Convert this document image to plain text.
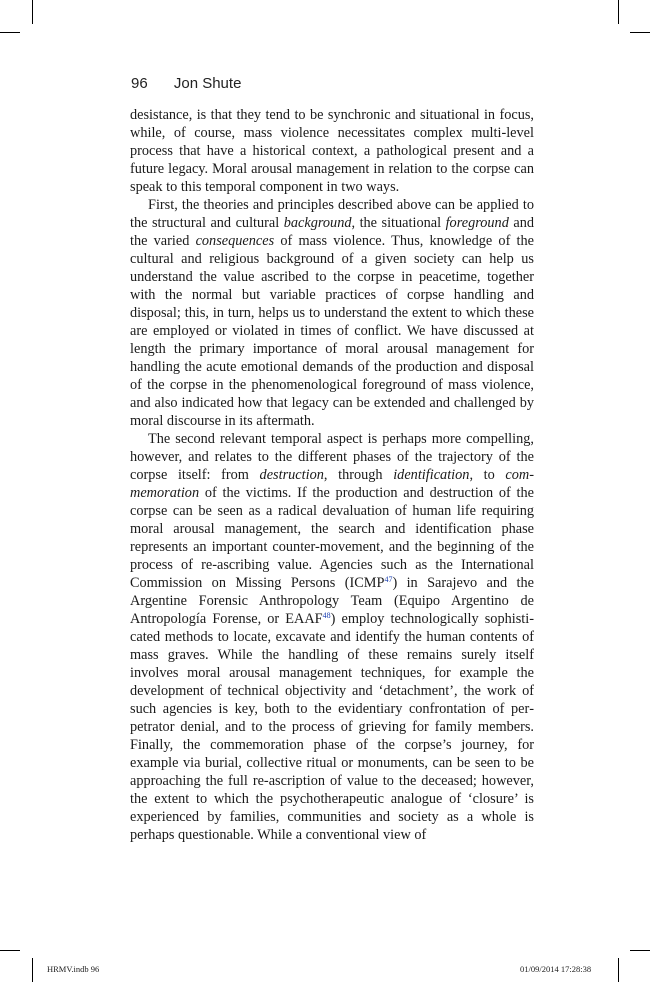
96 Jon Shute

desistance, is that they tend to be synchronic and situational in focus, while, of course, mass violence necessitates complex multi-level process that have a historical context, a pathological present and a future legacy. Moral arousal management in relation to the corpse can speak to this temporal component in two ways.

First, the theories and principles described above can be applied to the structural and cultural background, the situational foreground and the varied consequences of mass violence. Thus, knowledge of the cultural and religious background of a given society can help us understand the value ascribed to the corpse in peacetime, together with the normal but variable practices of corpse handling and disposal; this, in turn, helps us to understand the extent to which these are employed or violated in times of conflict. We have discussed at length the primary importance of moral arousal management for handling the acute emotional demands of the production and disposal of the corpse in the phenomenological foreground of mass violence, and also indicated how that legacy can be extended and challenged by moral discourse in its aftermath.

The second relevant temporal aspect is perhaps more compelling, however, and relates to the different phases of the trajectory of the corpse itself: from destruction, through identification, to commemoration of the victims. If the production and destruction of the corpse can be seen as a radical devaluation of human life requiring moral arousal management, the search and identification phase represents an important counter-movement, and the beginning of the process of re-ascribing value. Agencies such as the International Commission on Missing Persons (ICMP$^{47}$) in Sarajevo and the Argentine Forensic Anthropology Team (Equipo Argentino de Antropología Forense, or EAAF$^{48}$) employ technologically sophisticated methods to locate, excavate and identify the human contents of mass graves. While the handling of these remains surely itself involves moral arousal management techniques, for example the development of technical objectivity and ‘detachment’, the work of such agencies is key, both to the evidentiary confrontation of perpetrator denial, and to the process of grieving for family members. Finally, the commemoration phase of the corpse’s journey, for example via burial, collective ritual or monuments, can be seen to be approaching the full re-ascription of value to the deceased; however, the extent to which the psychotherapeutic analogue of ‘closure’ is experienced by families, communities and society as a whole is perhaps questionable. While a conventional view of

HRMV.indb 96	01/09/2014 17:28:38
